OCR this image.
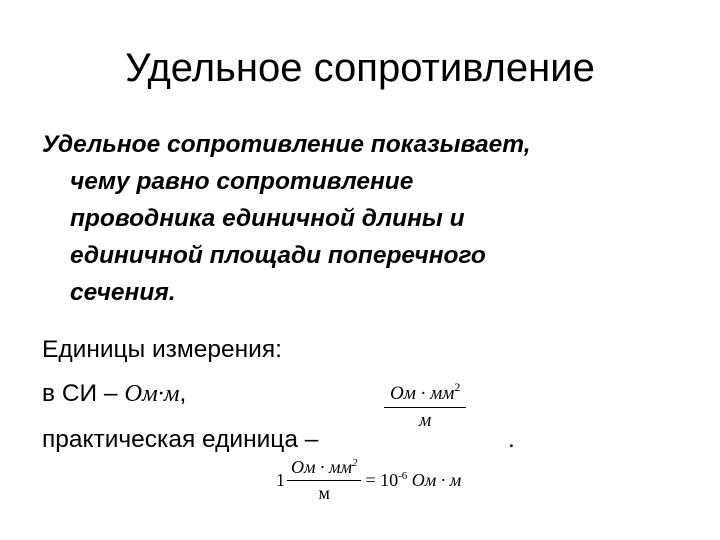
Удельное сопротивление
Удельное сопротивление показывает,
чему равно сопротивление
проводника единичной длины и
единичной площади поперечного
сечения.
Единицы измерения:
в СИ – Ом·м,	Ом · $мм^2$
м
практическая единица –	.
$1 \frac{Ом \cdot мм^2}{м} = 10^{-6}$ Ом · м
